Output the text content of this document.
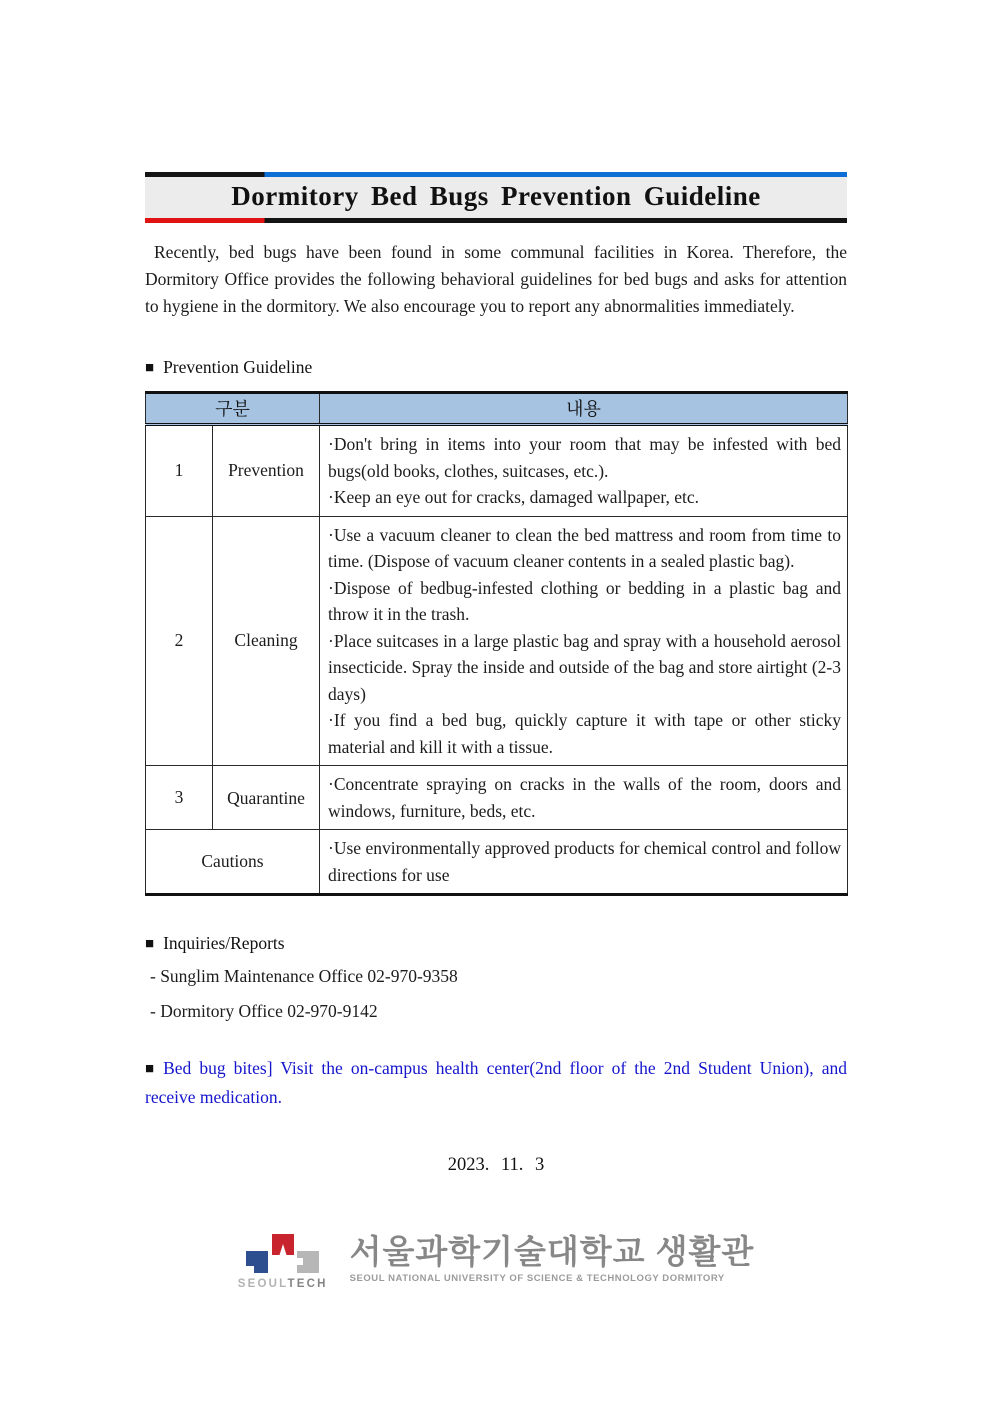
Dormitory Bed Bugs Prevention Guideline

Recently, bed bugs have been found in some communal facilities in Korea. Therefore, the Dormitory Office provides the following behavioral guidelines for bed bugs and asks for attention to hygiene in the dormitory. We also encourage you to report any abnormalities immediately.

■ Prevention Guideline
구분		내용
1	Prevention	·Don't bring in items into your room that may be infested with bed bugs(old books, clothes, suitcases, etc.).

·Keep an eye out for cracks, damaged wallpaper, etc.

2	Cleaning	·Use a vacuum cleaner to clean the bed mattress and room from time to time. (Dispose of vacuum cleaner contents in a sealed plastic bag).

·Dispose of bedbug-infested clothing or bedding in a plastic bag and throw it in the trash.

·Place suitcases in a large plastic bag and spray with a household aerosol insecticide. Spray the inside and outside of the bag and store airtight (2-3 days)

·If you find a bed bug, quickly capture it with tape or other sticky material and kill it with a tissue.

3	Quarantine	·Concentrate spraying on cracks in the walls of the room, doors and windows, furniture, beds, etc.

Cautions		·Use environmentally approved products for chemical control and follow directions for use

■ Inquiries/Reports

- Sunglim Maintenance Office 02-970-9358

- Dormitory Office 02-970-9142

■ Bed bug bites] Visit the on-campus health center(2nd floor of the 2nd Student Union), and receive medication.

2023. 11. 3
SEOULTECH
서울과학기술대학교 생활관
SEOUL NATIONAL UNIVERSITY OF SCIENCE & TECHNOLOGY DORMITORY
